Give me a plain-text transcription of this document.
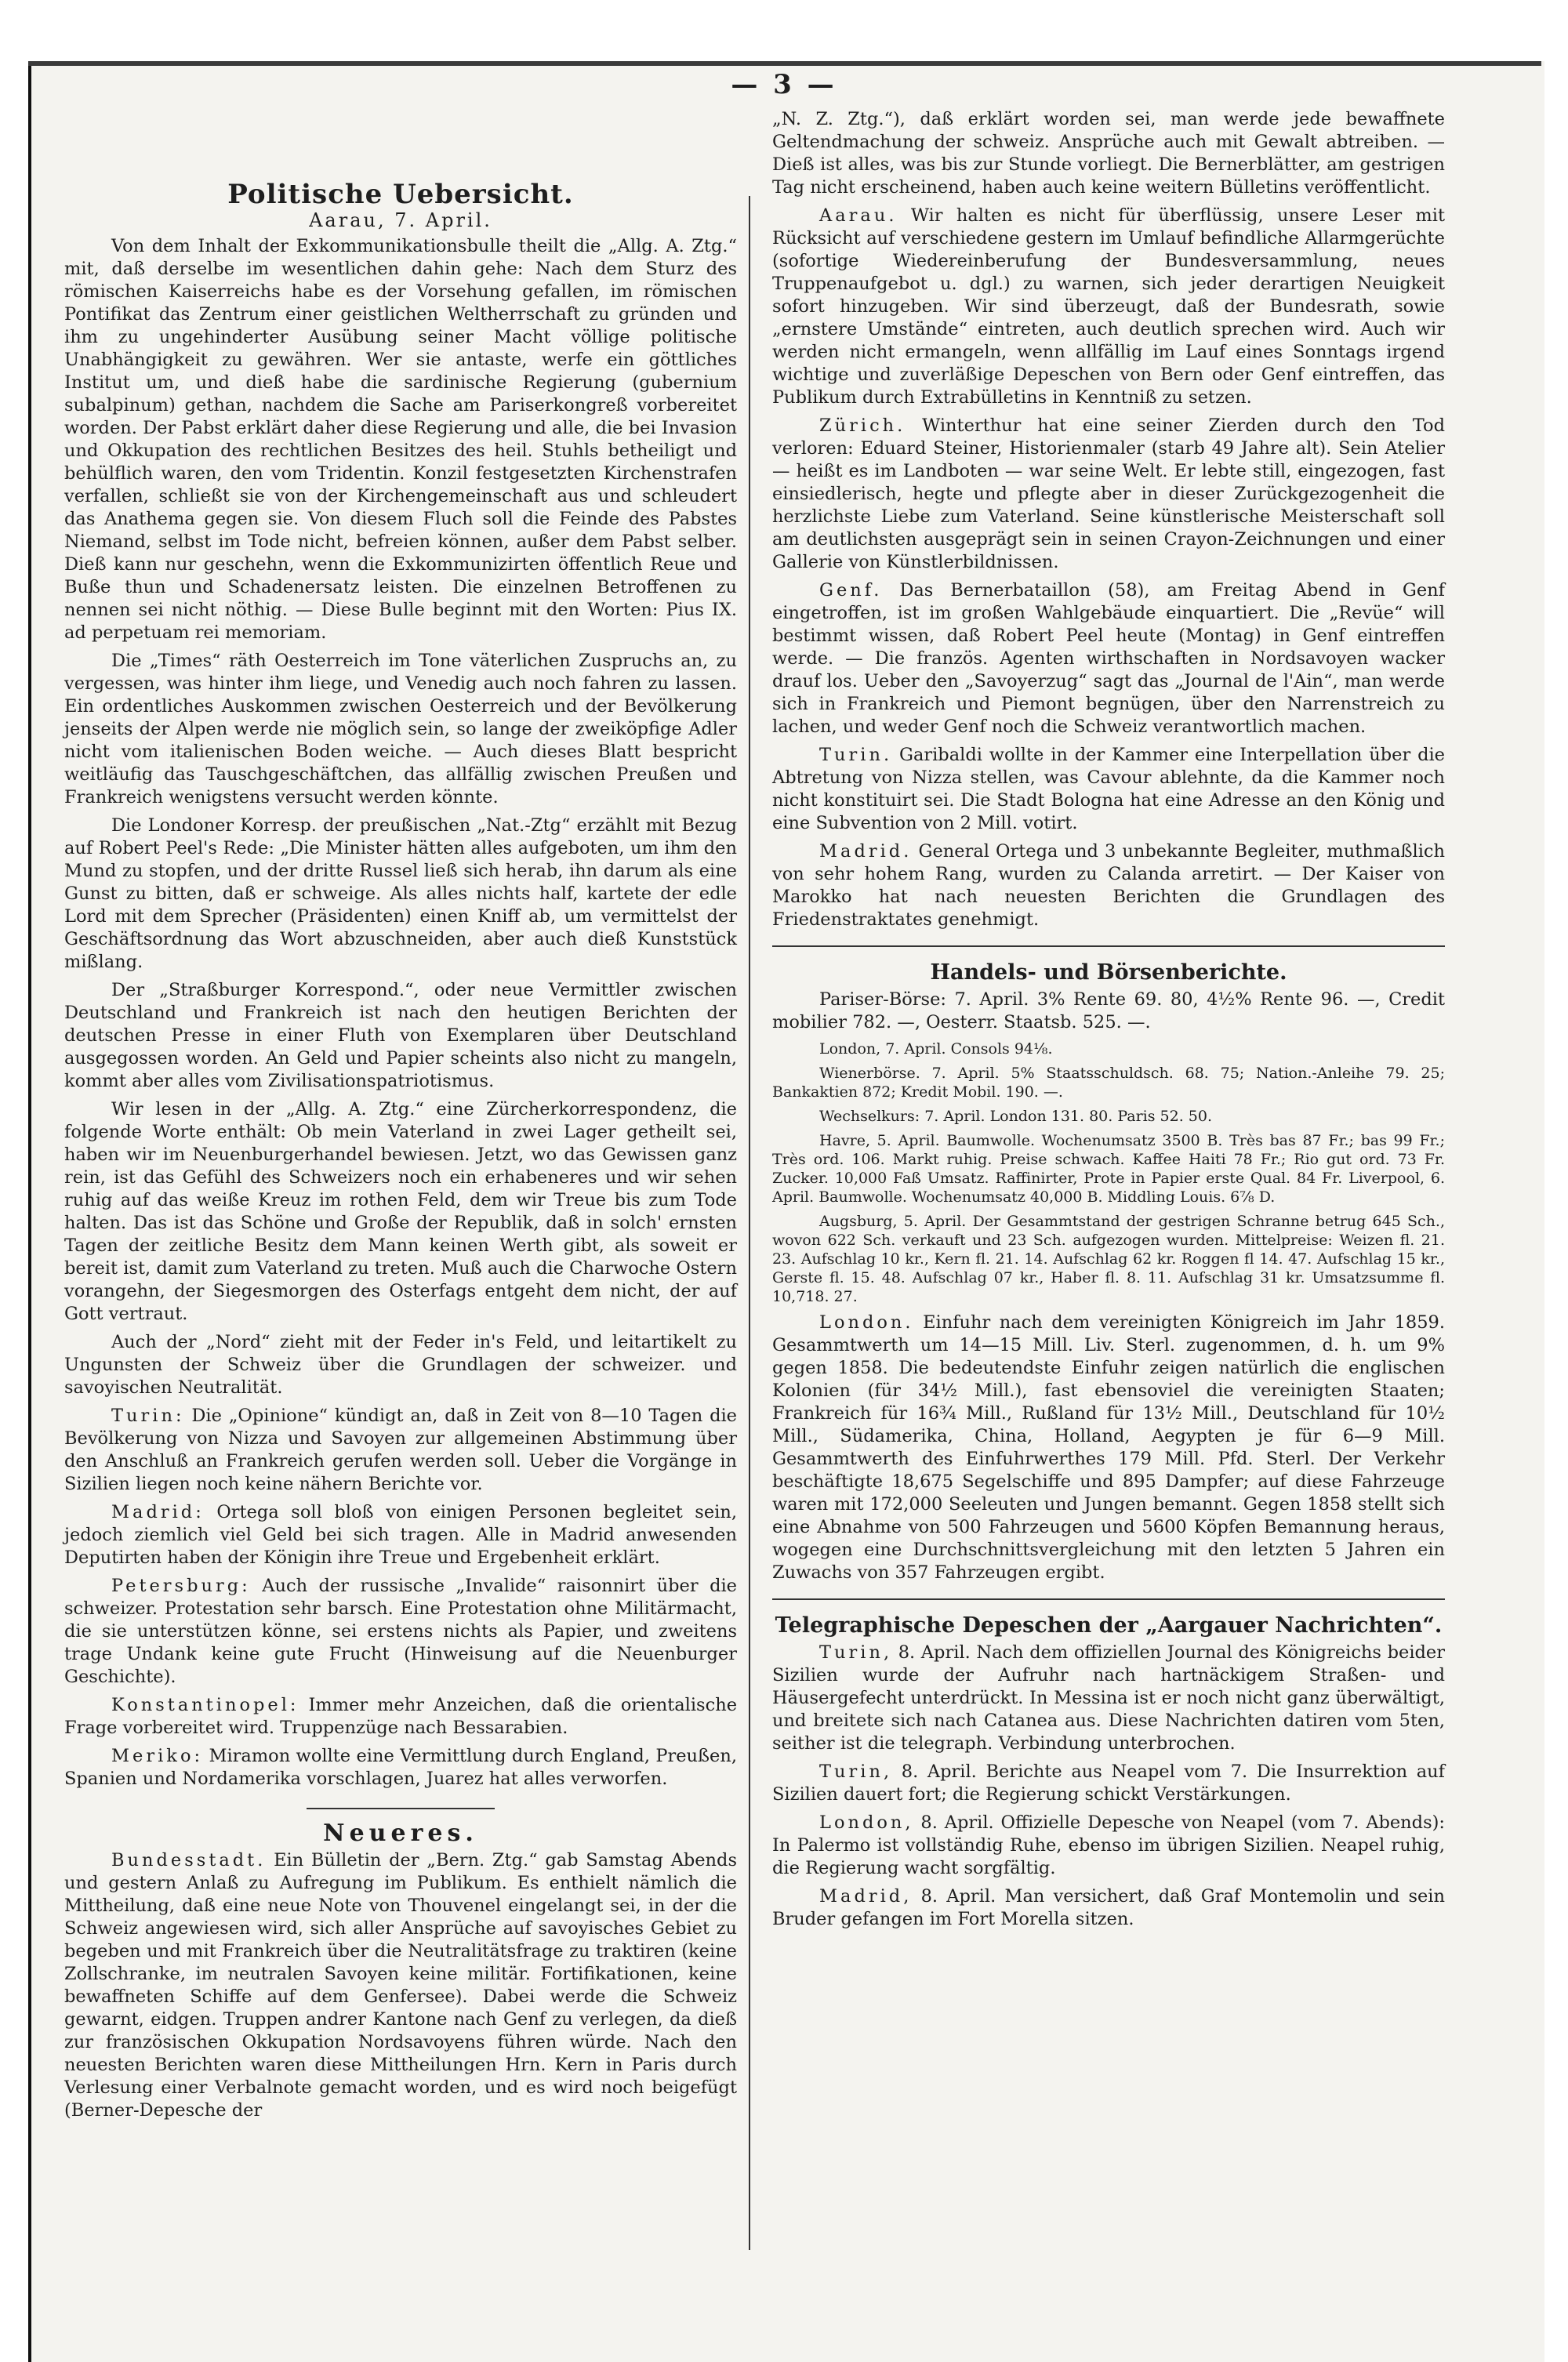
— 3 —
Politische Uebersicht.
Aarau, 7. April.

Von dem Inhalt der Exkommunikationsbulle theilt die „Allg. A. Ztg.“ mit, daß derselbe im wesentlichen dahin gehe: Nach dem Sturz des römischen Kaiserreichs habe es der Vorsehung gefallen, im römischen Pontifikat das Zentrum einer geistlichen Weltherrschaft zu gründen und ihm zu ungehinderter Ausübung seiner Macht völlige politische Unabhängigkeit zu gewähren. Wer sie antaste, werfe ein göttliches Institut um, und dieß habe die sardinische Regierung (gubernium subalpinum) gethan, nachdem die Sache am Pariserkongreß vorbereitet worden. Der Pabst erklärt daher diese Regierung und alle, die bei Invasion und Okkupation des rechtlichen Besitzes des heil. Stuhls betheiligt und behülflich waren, den vom Tridentin. Konzil festgesetzten Kirchenstrafen verfallen, schließt sie von der Kirchengemeinschaft aus und schleudert das Anathema gegen sie. Von diesem Fluch soll die Feinde des Pabstes Niemand, selbst im Tode nicht, befreien können, außer dem Pabst selber. Dieß kann nur geschehn, wenn die Exkommunizirten öffentlich Reue und Buße thun und Schadenersatz leisten. Die einzelnen Betroffenen zu nennen sei nicht nöthig. — Diese Bulle beginnt mit den Worten: Pius IX. ad perpetuam rei memoriam.

Die „Times“ räth Oesterreich im Tone väterlichen Zuspruchs an, zu vergessen, was hinter ihm liege, und Venedig auch noch fahren zu lassen. Ein ordentliches Auskommen zwischen Oesterreich und der Bevölkerung jenseits der Alpen werde nie möglich sein, so lange der zweiköpfige Adler nicht vom italienischen Boden weiche. — Auch dieses Blatt bespricht weitläufig das Tauschgeschäftchen, das allfällig zwischen Preußen und Frankreich wenigstens versucht werden könnte.

Die Londoner Korresp. der preußischen „Nat.-Ztg“ erzählt mit Bezug auf Robert Peel's Rede: „Die Minister hätten alles aufgeboten, um ihm den Mund zu stopfen, und der dritte Russel ließ sich herab, ihn darum als eine Gunst zu bitten, daß er schweige. Als alles nichts half, kartete der edle Lord mit dem Sprecher (Präsidenten) einen Kniff ab, um vermittelst der Geschäftsordnung das Wort abzuschneiden, aber auch dieß Kunststück mißlang.

Der „Straßburger Korrespond.“, oder neue Vermittler zwischen Deutschland und Frankreich ist nach den heutigen Berichten der deutschen Presse in einer Fluth von Exemplaren über Deutschland ausgegossen worden. An Geld und Papier scheints also nicht zu mangeln, kommt aber alles vom Zivilisationspatriotismus.

Wir lesen in der „Allg. A. Ztg.“ eine Zürcherkorrespondenz, die folgende Worte enthält: Ob mein Vaterland in zwei Lager getheilt sei, haben wir im Neuenburgerhandel bewiesen. Jetzt, wo das Gewissen ganz rein, ist das Gefühl des Schweizers noch ein erhabeneres und wir sehen ruhig auf das weiße Kreuz im rothen Feld, dem wir Treue bis zum Tode halten. Das ist das Schöne und Große der Republik, daß in solch' ernsten Tagen der zeitliche Besitz dem Mann keinen Werth gibt, als soweit er bereit ist, damit zum Vaterland zu treten. Muß auch die Charwoche Ostern vorangehn, der Siegesmorgen des Osterfags entgeht dem nicht, der auf Gott vertraut.

Auch der „Nord“ zieht mit der Feder in's Feld, und leitartikelt zu Ungunsten der Schweiz über die Grundlagen der schweizer. und savoyischen Neutralität.

Turin: Die „Opinione“ kündigt an, daß in Zeit von 8—10 Tagen die Bevölkerung von Nizza und Savoyen zur allgemeinen Abstimmung über den Anschluß an Frankreich gerufen werden soll. Ueber die Vorgänge in Sizilien liegen noch keine nähern Berichte vor.

Madrid: Ortega soll bloß von einigen Personen begleitet sein, jedoch ziemlich viel Geld bei sich tragen. Alle in Madrid anwesenden Deputirten haben der Königin ihre Treue und Ergebenheit erklärt.

Petersburg: Auch der russische „Invalide“ raisonnirt über die schweizer. Protestation sehr barsch. Eine Protestation ohne Militärmacht, die sie unterstützen könne, sei erstens nichts als Papier, und zweitens trage Undank keine gute Frucht (Hinweisung auf die Neuenburger Geschichte).

Konstantinopel: Immer mehr Anzeichen, daß die orientalische Frage vorbereitet wird. Truppenzüge nach Bessarabien.

Meriko: Miramon wollte eine Vermittlung durch England, Preußen, Spanien und Nordamerika vorschlagen, Juarez hat alles verworfen.

Neueres.

Bundesstadt. Ein Bülletin der „Bern. Ztg.“ gab Samstag Abends und gestern Anlaß zu Aufregung im Publikum. Es enthielt nämlich die Mittheilung, daß eine neue Note von Thouvenel eingelangt sei, in der die Schweiz angewiesen wird, sich aller Ansprüche auf savoyisches Gebiet zu begeben und mit Frankreich über die Neutralitätsfrage zu traktiren (keine Zollschranke, im neutralen Savoyen keine militär. Fortifikationen, keine bewaffneten Schiffe auf dem Genfersee). Dabei werde die Schweiz gewarnt, eidgen. Truppen andrer Kantone nach Genf zu verlegen, da dieß zur französischen Okkupation Nordsavoyens führen würde. Nach den neuesten Berichten waren diese Mittheilungen Hrn. Kern in Paris durch Verlesung einer Verbalnote gemacht worden, und es wird noch beigefügt (Berner-Depesche der

„N. Z. Ztg.“), daß erklärt worden sei, man werde jede bewaffnete Geltendmachung der schweiz. Ansprüche auch mit Gewalt abtreiben. — Dieß ist alles, was bis zur Stunde vorliegt. Die Bernerblätter, am gestrigen Tag nicht erscheinend, haben auch keine weitern Bülletins veröffentlicht.

Aarau. Wir halten es nicht für überflüssig, unsere Leser mit Rücksicht auf verschiedene gestern im Umlauf befindliche Allarmgerüchte (sofortige Wiedereinberufung der Bundesversammlung, neues Truppenaufgebot u. dgl.) zu warnen, sich jeder derartigen Neuigkeit sofort hinzugeben. Wir sind überzeugt, daß der Bundesrath, sowie „ernstere Umstände“ eintreten, auch deutlich sprechen wird. Auch wir werden nicht ermangeln, wenn allfällig im Lauf eines Sonntags irgend wichtige und zuverläßige Depeschen von Bern oder Genf eintreffen, das Publikum durch Extrabülletins in Kenntniß zu setzen.

Zürich. Winterthur hat eine seiner Zierden durch den Tod verloren: Eduard Steiner, Historienmaler (starb 49 Jahre alt). Sein Atelier — heißt es im Landboten — war seine Welt. Er lebte still, eingezogen, fast einsiedlerisch, hegte und pflegte aber in dieser Zurückgezogenheit die herzlichste Liebe zum Vaterland. Seine künstlerische Meisterschaft soll am deutlichsten ausgeprägt sein in seinen Crayon-Zeichnungen und einer Gallerie von Künstlerbildnissen.

Genf. Das Bernerbataillon (58), am Freitag Abend in Genf eingetroffen, ist im großen Wahlgebäude einquartiert. Die „Revüe“ will bestimmt wissen, daß Robert Peel heute (Montag) in Genf eintreffen werde. — Die französ. Agenten wirthschaften in Nordsavoyen wacker drauf los. Ueber den „Savoyerzug“ sagt das „Journal de l'Ain“, man werde sich in Frankreich und Piemont begnügen, über den Narrenstreich zu lachen, und weder Genf noch die Schweiz verantwortlich machen.

Turin. Garibaldi wollte in der Kammer eine Interpellation über die Abtretung von Nizza stellen, was Cavour ablehnte, da die Kammer noch nicht konstituirt sei. Die Stadt Bologna hat eine Adresse an den König und eine Subvention von 2 Mill. votirt.

Madrid. General Ortega und 3 unbekannte Begleiter, muthmaßlich von sehr hohem Rang, wurden zu Calanda arretirt. — Der Kaiser von Marokko hat nach neuesten Berichten die Grundlagen des Friedenstraktates genehmigt.

Handels- und Börsenberichte.

Pariser-Börse: 7. April. 3% Rente 69. 80, 4½% Rente 96. —, Credit mobilier 782. —, Oesterr. Staatsb. 525. —.

London, 7. April. Consols 94⅛.

Wienerbörse. 7. April. 5% Staatsschuldsch. 68. 75; Nation.-Anleihe 79. 25; Bankaktien 872; Kredit Mobil. 190. —.

Wechselkurs: 7. April. London 131. 80. Paris 52. 50.

Havre, 5. April. Baumwolle. Wochenumsatz 3500 B. Très bas 87 Fr.; bas 99 Fr.; Très ord. 106. Markt ruhig. Preise schwach. Kaffee Haiti 78 Fr.; Rio gut ord. 73 Fr. Zucker. 10,000 Faß Umsatz. Raffinirter, Prote in Papier erste Qual. 84 Fr. Liverpool, 6. April. Baumwolle. Wochenumsatz 40,000 B. Middling Louis. 6⅞ D.

Augsburg, 5. April. Der Gesammtstand der gestrigen Schranne betrug 645 Sch., wovon 622 Sch. verkauft und 23 Sch. aufgezogen wurden. Mittelpreise: Weizen fl. 21. 23. Aufschlag 10 kr., Kern fl. 21. 14. Aufschlag 62 kr. Roggen fl 14. 47. Aufschlag 15 kr., Gerste fl. 15. 48. Aufschlag 07 kr., Haber fl. 8. 11. Aufschlag 31 kr. Umsatzsumme fl. 10,718. 27.

London. Einfuhr nach dem vereinigten Königreich im Jahr 1859. Gesammtwerth um 14—15 Mill. Liv. Sterl. zugenommen, d. h. um 9% gegen 1858. Die bedeutendste Einfuhr zeigen natürlich die englischen Kolonien (für 34½ Mill.), fast ebensoviel die vereinigten Staaten; Frankreich für 16¾ Mill., Rußland für 13½ Mill., Deutschland für 10½ Mill., Südamerika, China, Holland, Aegypten je für 6—9 Mill. Gesammtwerth des Einfuhrwerthes 179 Mill. Pfd. Sterl. Der Verkehr beschäftigte 18,675 Segelschiffe und 895 Dampfer; auf diese Fahrzeuge waren mit 172,000 Seeleuten und Jungen bemannt. Gegen 1858 stellt sich eine Abnahme von 500 Fahrzeugen und 5600 Köpfen Bemannung heraus, wogegen eine Durchschnittsvergleichung mit den letzten 5 Jahren ein Zuwachs von 357 Fahrzeugen ergibt.

Telegraphische Depeschen der „Aargauer Nachrichten“.

Turin, 8. April. Nach dem offiziellen Journal des Königreichs beider Sizilien wurde der Aufruhr nach hartnäckigem Straßen- und Häusergefecht unterdrückt. In Messina ist er noch nicht ganz überwältigt, und breitete sich nach Catanea aus. Diese Nachrichten datiren vom 5ten, seither ist die telegraph. Verbindung unterbrochen.

Turin, 8. April. Berichte aus Neapel vom 7. Die Insurrektion auf Sizilien dauert fort; die Regierung schickt Verstärkungen.

London, 8. April. Offizielle Depesche von Neapel (vom 7. Abends): In Palermo ist vollständig Ruhe, ebenso im übrigen Sizilien. Neapel ruhig, die Regierung wacht sorgfältig.

Madrid, 8. April. Man versichert, daß Graf Montemolin und sein Bruder gefangen im Fort Morella sitzen.
